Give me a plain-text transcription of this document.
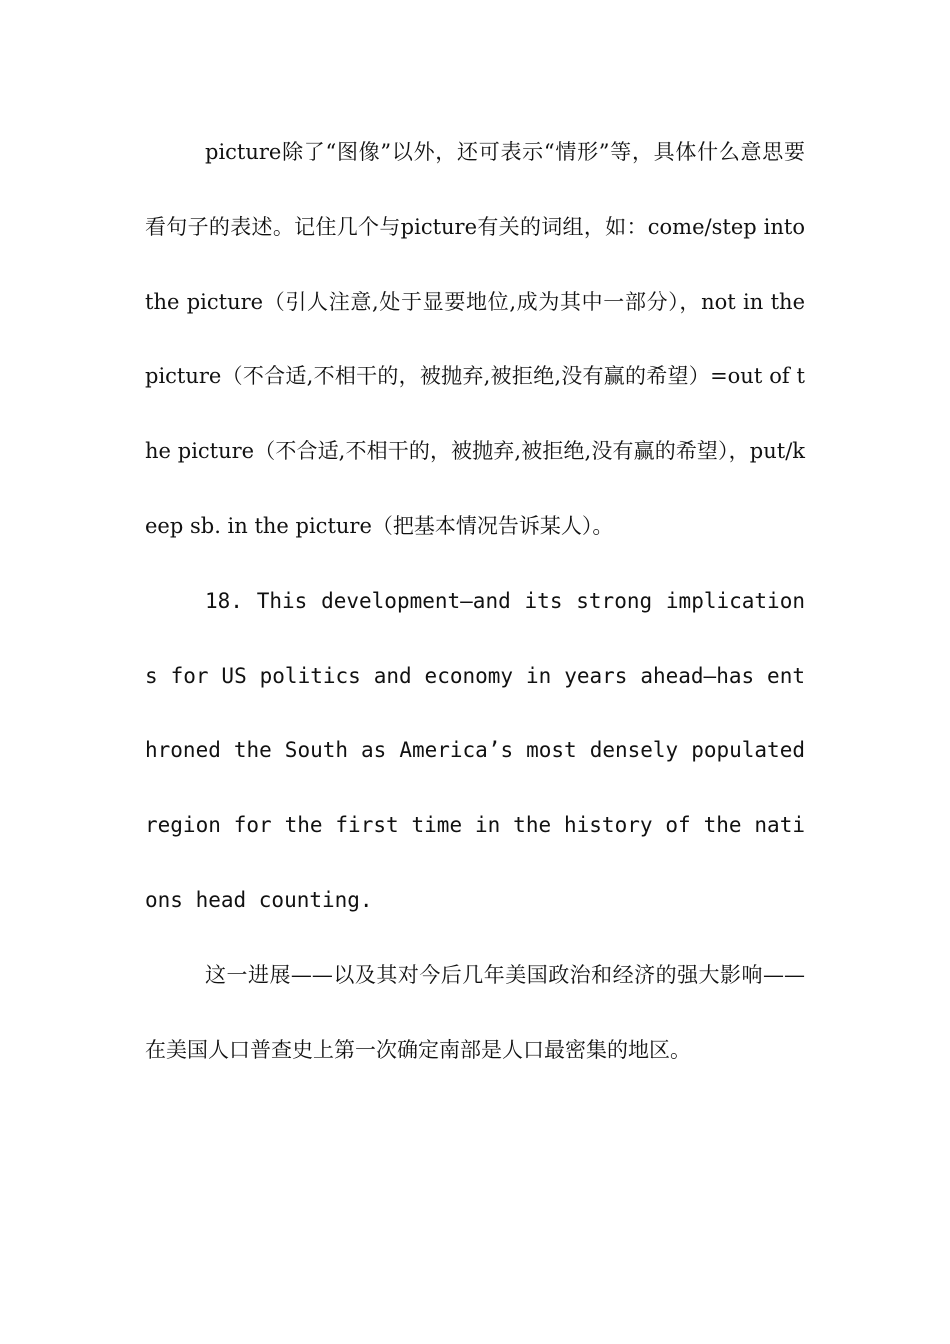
picture除了“图像”以外，还可表示“情形”等，具体什么意思要看句子的表述。记住几个与picture有关的词组，如：come/step into the picture（引人注意,处于显要地位,成为其中一部分），not in the picture（不合适,不相干的，被抛弃,被拒绝,没有赢的希望）=out of the picture（不合适,不相干的，被抛弃,被拒绝,没有赢的希望），put/keep sb. in the picture（把基本情况告诉某人）。

18. This development—and its strong implications for US politics and economy in years ahead—has enthroned the South as America’s most densely populated region for the first time in the history of the nations head counting.

这一进展——以及其对今后几年美国政治和经济的强大影响——在美国人口普查史上第一次确定南部是人口最密集的地区。
